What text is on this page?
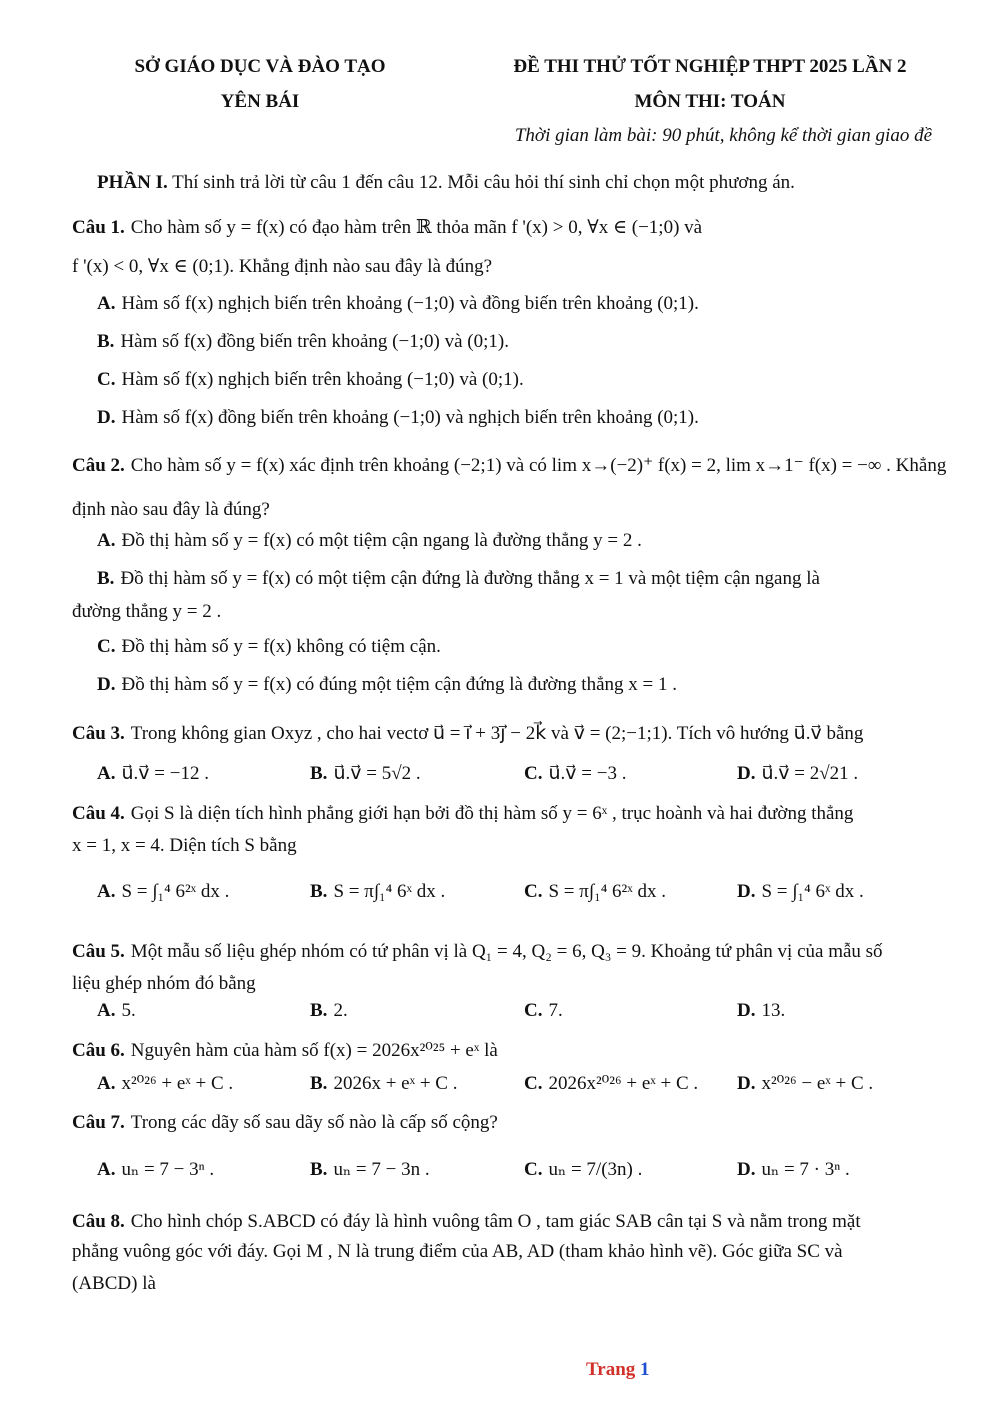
SỞ GIÁO DỤC VÀ ĐÀO TẠO
YÊN BÁI
ĐỀ THI THỬ TỐT NGHIỆP THPT 2025 LẦN 2
MÔN THI: TOÁN
Thời gian làm bài: 90 phút, không kể thời gian giao đề
PHẦN I. Thí sinh trả lời từ câu 1 đến câu 12. Mỗi câu hỏi thí sinh chỉ chọn một phương án.
Câu 1. Cho hàm số y = f(x) có đạo hàm trên ℝ thỏa mãn f '(x) > 0, ∀x ∈ (−1;0) và
f '(x) < 0, ∀x ∈ (0;1). Khẳng định nào sau đây là đúng?
A. Hàm số f(x) nghịch biến trên khoảng (−1;0) và đồng biến trên khoảng (0;1).
B. Hàm số f(x) đồng biến trên khoảng (−1;0) và (0;1).
C. Hàm số f(x) nghịch biến trên khoảng (−1;0) và (0;1).
D. Hàm số f(x) đồng biến trên khoảng (−1;0) và nghịch biến trên khoảng (0;1).
Câu 2. Cho hàm số y = f(x) xác định trên khoảng (−2;1) và có lim x→(−2)⁺ f(x) = 2, lim x→1⁻ f(x) = −∞ . Khẳng
định nào sau đây là đúng?
A. Đồ thị hàm số y = f(x) có một tiệm cận ngang là đường thẳng y = 2 .
B. Đồ thị hàm số y = f(x) có một tiệm cận đứng là đường thẳng x = 1 và một tiệm cận ngang là
đường thẳng y = 2 .
C. Đồ thị hàm số y = f(x) không có tiệm cận.
D. Đồ thị hàm số y = f(x) có đúng một tiệm cận đứng là đường thẳng x = 1 .
Câu 3. Trong không gian Oxyz , cho hai vectơ u⃗ = i⃗ + 3j⃗ − 2k⃗ và v⃗ = (2;−1;1). Tích vô hướng u⃗.v⃗ bằng
A. u⃗.v⃗ = −12 .	B. u⃗.v⃗ = 5√2 .	C. u⃗.v⃗ = −3 .	D. u⃗.v⃗ = 2√21 .
Câu 4. Gọi S là diện tích hình phẳng giới hạn bởi đồ thị hàm số y = 6ˣ , trục hoành và hai đường thẳng
x = 1, x = 4. Diện tích S bằng
A. S = ∫₁⁴ 6²ˣ dx .	B. S = π∫₁⁴ 6ˣ dx .	C. S = π∫₁⁴ 6²ˣ dx .	D. S = ∫₁⁴ 6ˣ dx .
Câu 5. Một mẫu số liệu ghép nhóm có tứ phân vị là Q₁ = 4, Q₂ = 6, Q₃ = 9. Khoảng tứ phân vị của mẫu số
liệu ghép nhóm đó bằng
A. 5.	B. 2.	C. 7.	D. 13.
Câu 6. Nguyên hàm của hàm số f(x) = 2026x²⁰²⁵ + eˣ là
A. x²⁰²⁶ + eˣ + C .	B. 2026x + eˣ + C .	C. 2026x²⁰²⁶ + eˣ + C . D. x²⁰²⁶ − eˣ + C .
Câu 7. Trong các dãy số sau dãy số nào là cấp số cộng?
A. uₙ = 7 − 3ⁿ .	B. uₙ = 7 − 3n .	C. uₙ = 7/(3n) .	D. uₙ = 7 · 3ⁿ .
Câu 8. Cho hình chóp S.ABCD có đáy là hình vuông tâm O , tam giác SAB cân tại S và nằm trong mặt
phẳng vuông góc với đáy. Gọi M , N là trung điểm của AB, AD (tham khảo hình vẽ). Góc giữa SC và
(ABCD) là
Trang 1
